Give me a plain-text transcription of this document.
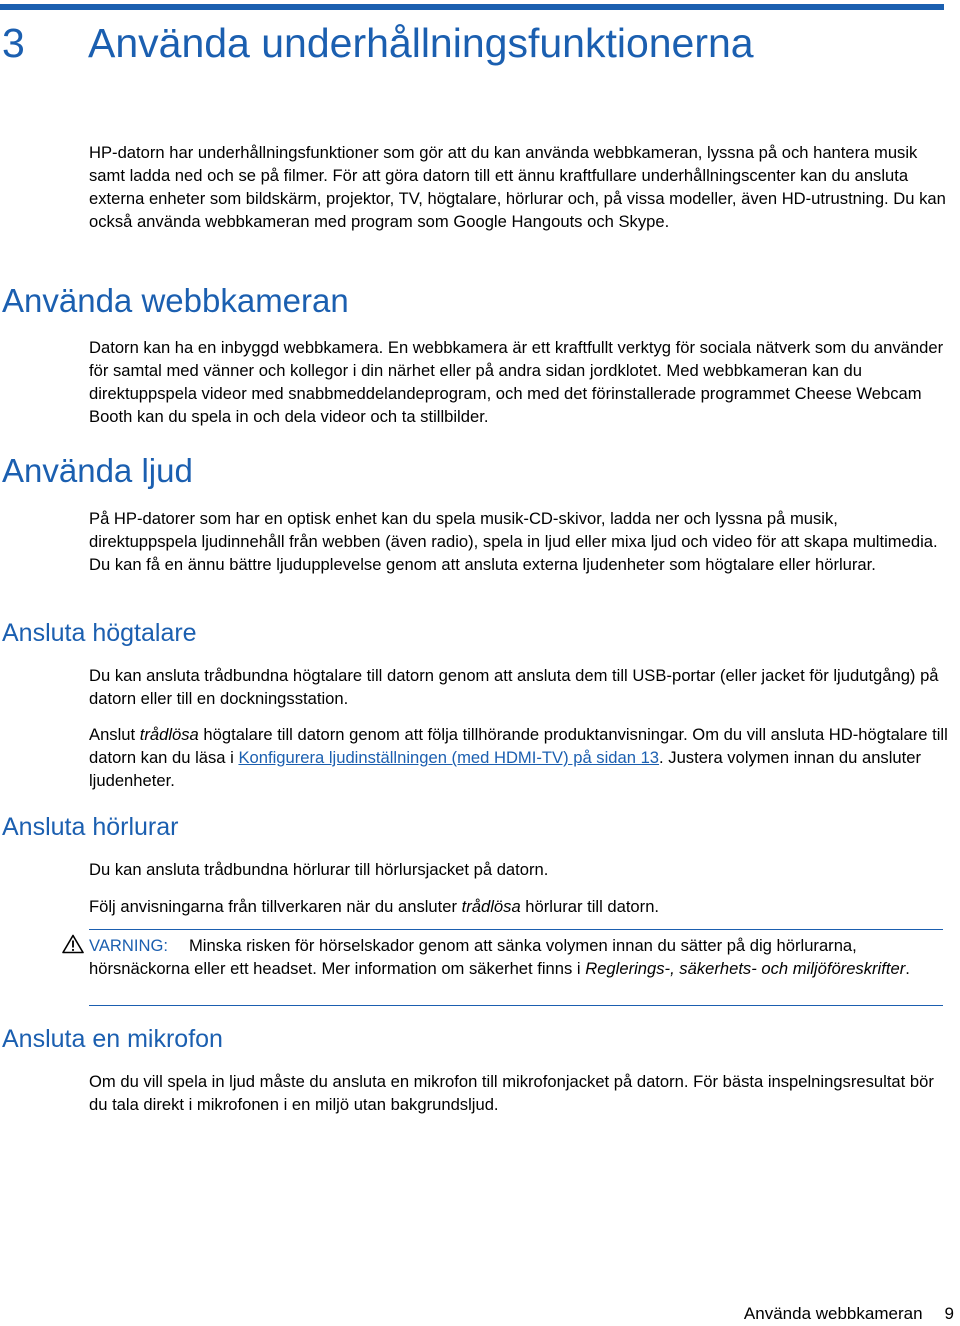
3 Använda underhållningsfunktionerna

HP-datorn har underhållningsfunktioner som gör att du kan använda webbkameran, lyssna på och hantera musik samt ladda ned och se på filmer. För att göra datorn till ett ännu kraftfullare underhållningscenter kan du ansluta externa enheter som bildskärm, projektor, TV, högtalare, hörlurar och, på vissa modeller, även HD-utrustning. Du kan också använda webbkameran med program som Google Hangouts och Skype.

Använda webbkameran

Datorn kan ha en inbyggd webbkamera. En webbkamera är ett kraftfullt verktyg för sociala nätverk som du använder för samtal med vänner och kollegor i din närhet eller på andra sidan jordklotet. Med webbkameran kan du direktuppspela videor med snabbmeddelandeprogram, och med det förinstallerade programmet Cheese Webcam Booth kan du spela in och dela videor och ta stillbilder.

Använda ljud

På HP-datorer som har en optisk enhet kan du spela musik-CD-skivor, ladda ner och lyssna på musik, direktuppspela ljudinnehåll från webben (även radio), spela in ljud eller mixa ljud och video för att skapa multimedia. Du kan få en ännu bättre ljudupplevelse genom att ansluta externa ljudenheter som högtalare eller hörlurar.

Ansluta högtalare

Du kan ansluta trådbundna högtalare till datorn genom att ansluta dem till USB-portar (eller jacket för ljudutgång) på datorn eller till en dockningsstation.

Anslut trådlösa högtalare till datorn genom att följa tillhörande produktanvisningar. Om du vill ansluta HD-högtalare till datorn kan du läsa i Konfigurera ljudinställningen (med HDMI-TV) på sidan 13. Justera volymen innan du ansluter ljudenheter.

Ansluta hörlurar

Du kan ansluta trådbundna hörlurar till hörlursjacket på datorn.

Följ anvisningarna från tillverkaren när du ansluter trådlösa hörlurar till datorn.

VARNING: Minska risken för hörselskador genom att sänka volymen innan du sätter på dig hörlurarna, hörsnäckorna eller ett headset. Mer information om säkerhet finns i Reglerings-, säkerhets- och miljöföreskrifter.

Ansluta en mikrofon

Om du vill spela in ljud måste du ansluta en mikrofon till mikrofonjacket på datorn. För bästa inspelningsresultat bör du tala direkt i mikrofonen i en miljö utan bakgrundsljud.

Använda webbkameran 9
